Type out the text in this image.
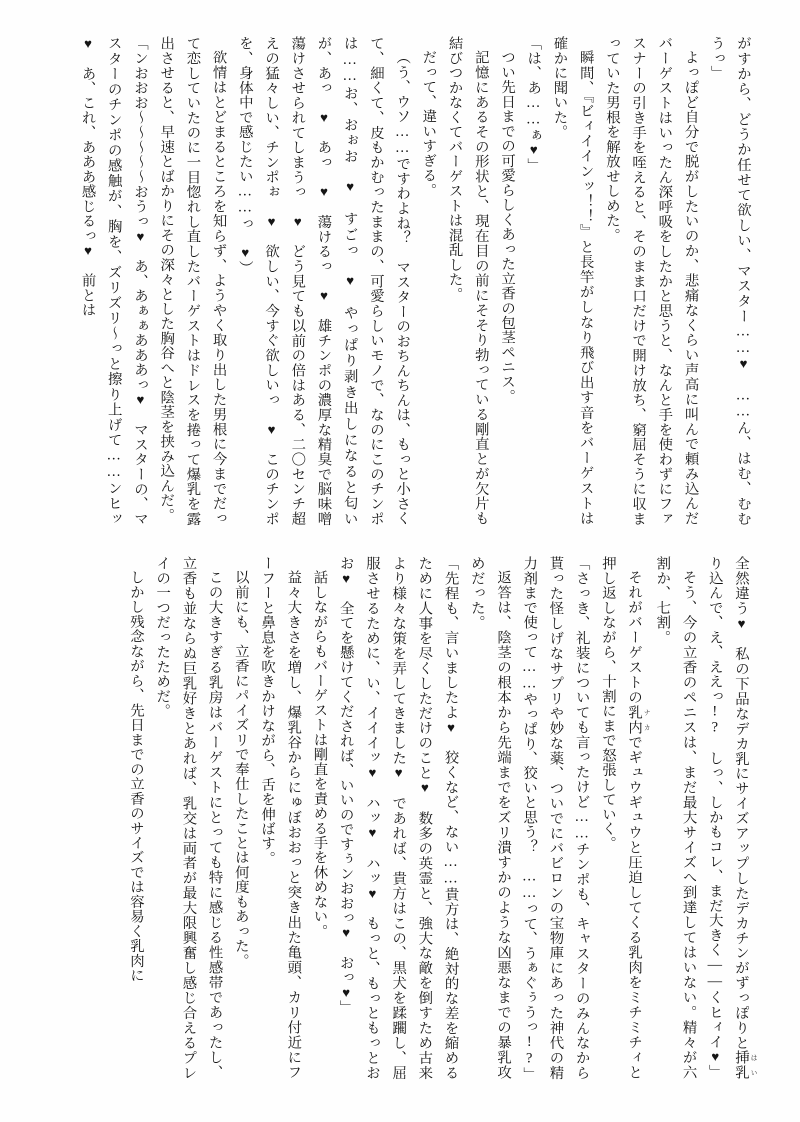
がすから、どうか任せて欲しい、マスター……♥　……ん、はむ、むむうっ」

よっぽど自分で脱がしたいのか、悲痛なくらい声高に叫んで頼み込んだバーゲストはいったん深呼吸をしたかと思うと、なんと手を使わずにファスナーの引き手を咥えると、そのまま口だけで開け放ち、窮屈そうに収まっていた男根を解放せしめた。

瞬間、『ビィイインッ！！』と長竿がしなり飛び出す音をバーゲストは確かに聞いた。

「は、あ……ぁ♥」

つい先日までの可愛らしくあった立香の包茎ペニス。

記憶にあるその形状と、現在目の前にそそり勃っている剛直とが欠片も結びつかなくてバーゲストは混乱した。

だって、違いすぎる。

（う、ウソ……ですわよね？　マスターのおちんちんは、もっと小さくて、細くて、皮もかむったままの、可愛らしいモノで、なのにこのチンポは……お、おぉお♥　すごっ♥　やっぱり剥き出しになると匂いが、あっ♥　あっ♥　蕩けるっ♥　雄チンポの濃厚な精臭で脳味噌蕩けさせられてしまうっ♥　どう見ても以前の倍はある、二〇センチ超えの猛々しい、チンポぉ♥　欲しい、今すぐ欲しいっ♥　このチンポを、身体中で感じたい……っ♥）

欲情はとどまるところを知らず、ようやく取り出した男根に今までだって恋していたのに一目惚れし直したバーゲストはドレスを捲って爆乳を露出させると、早速とばかりにその深々とした胸谷へと陰茎を挟み込んだ。

「ンおおお～～～～～おうっ♥　あ、あぁぁあああっ♥　マスターの、マスターのチンポの感触が、胸を、ズリズリ～っと擦り上げて……ンヒッ♥　あ、これ、あああ感じるっ♥　前とは

全然違う♥　私の下品なデカ乳にサイズアップしたデカチンがずっぽりと挿乳 はいり込んで、え、ええっ!?　しっ、しかもコレ、まだ大きく――くヒィイ♥」

そう、今の立香のペニスは、まだ最大サイズへ到達してはいない。精々が六割か、七割。

それがバーゲストの乳内 ナカでギュウギュウと圧迫してくる乳肉をミチミチィと押し返しながら、十割にまで怒張していく。

「さっき、礼装についても言ったけど……チンポも、キャスターのみんなから貰った怪しげなサプリや妙な薬、ついでにバビロンの宝物庫にあった神代の精力剤まで使って……やっぱり、狡いと思う？　……って、うぁぐぅうっ!?」

返答は、陰茎の根本から先端までをズリ潰すかのような凶悪なまでの暴乳攻めだった。

「先程も、言いましたよ♥　狡くなど、ない……貴方は、絶対的な差を縮めるために人事を尽くしただけのこと♥　数多の英霊と、強大な敵を倒すため古来より様々な策を弄してきました♥　であれば、貴方はこの、黒犬を蹂躙し、屈服させるために、い、イイイッ♥　ハッ♥　ハッ♥　もっと、もっともっとおお♥　全てを懸けてくだされば、いいのですぅンおおっ♥　おっ♥」

話しながらもバーゲストは剛直を責める手を休めない。

益々大きさを増し、爆乳谷からにゅぼおおっと突き出た亀頭、カリ付近にフーフーと鼻息を吹きかけながら、舌を伸ばす。

以前にも、立香にパイズリで奉仕したことは何度もあった。

この大きすぎる乳房はバーゲストにとっても特に感じる性感帯であったし、立香も並ならぬ巨乳好きとあれば、乳交は両者が最大限興奮し感じ合えるプレイの一つだったためだ。

しかし残念ながら、先日までの立香のサイズでは容易く乳肉に
